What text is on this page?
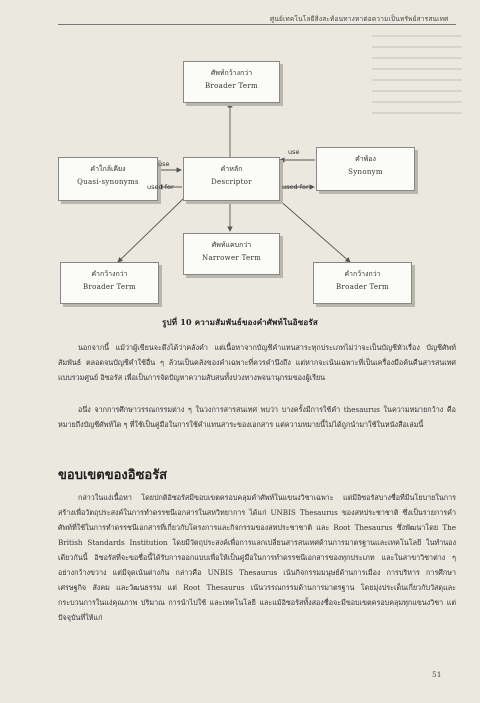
ศูนย์เทคโนโลยีสิ่งสะท้อนทางหาต่อความเป็นทรัพย์สารสนเทศ
ศัพท์กว้างกว่า
Broader Term
คำใกล้เคียง
Quasi-synonyms
คำหลัก
Descriptor
คำพ้อง
Synonym
ศัพท์แคบกว่า
Narrower Term
คำกว้างกว่า
Broader Term
คำกว้างกว่า
Broader Term
use
used for
use
used for
รูปที่ 10 ความสัมพันธ์ของคำศัพท์ในอิซอรัส
นอกจากนี้ แม้ว่าผู้เขียนจะดึงได้ว่าคลังคำ แต่เนื้อหาจากบัญชีคำแทนสาระทุกประเภทไม่ว่าจะเป็นบัญชีหัวเรื่อง บัญชีศัพท์สัมพันธ์ ตลอดจนบัญชีคำใช้อื่น ๆ ล้วนเป็นคลังของคำเฉพาะที่ควรคำนึงถึง แต่หากจะเน้นเฉพาะที่เป็นเครื่องมือค้นคืนสารสนเทศแบบรวมศูนย์ อิซอรัส เพื่อเป็นการจัดปัญหาความสับสนทั้งปวงทางพจนานุกรมของผู้เรียน
อนึ่ง จากการศึกษาวรรณกรรมต่าง ๆ ในวงการสารสนเทศ พบว่า บางครั้งมีการใช้คำ thesaurus ในความหมายกว้าง คือ หมายถึงบัญชีศัพท์ใด ๆ ที่ใช้เป็นคู่มือในการใช้คำแทนสาระของเอกสาร แต่ความหมายนี้ไม่ได้ถูกนำมาใช้ในหนังสือเล่มนี้
ขอบเขตของอิซอรัส
กล่าวในแง่เนื้อหา โดยปกติอิซอรัสมีขอบเขตครอบคลุมคำศัพท์ในแขนงวิชาเฉพาะ แต่มีอิซอรัสบางชื่อที่มีนโยบายในการสร้างเพื่อวัตถุประสงค์ในการทำดรรชนีเอกสารในสหวิทยาการ ได้แก่ UNBIS Thesaurus ของสหประชาชาติ ซึ่งเป็นรายการคำศัพท์ที่ใช้ในการทำดรรชนีเอกสารที่เกี่ยวกับโครงการและกิจกรรมของสหประชาชาติ และ Root Thesaurus ซึ่งพัฒนาโดย The British Standards Institution โดยมีวัตถุประสงค์เพื่อการแลกเปลี่ยนสารสนเทศด้านการมาตรฐานและเทคโนโลยี ในทำนองเดียวกันนี้ อิซอรัสที่จะขอชื่อนี้ได้รับการออกแบบเพื่อให้เป็นคู่มือในการทำดรรชนีเอกสารของทุกประเภท และในสาขาวิชาต่าง ๆ อย่างกว้างขวาง แต่มีจุดเน้นต่างกัน กล่าวคือ UNBIS Thesaurus เน้นกิจกรรมมนุษย์ด้านการเมือง การบริหาร การศึกษา เศรษฐกิจ สังคม และวัฒนธรรม แต่ Root Thesaurus เน้นวรรณกรรมด้านการมาตรฐาน โดยมุ่งประเด็นเกี่ยวกับวัสดุและกระบวนการในแง่คุณภาพ ปริมาณ การนำไปใช้ และเทคโนโลยี และแม้อิซอรัสทั้งสองชื่อจะมีขอบเขตครอบคลุมทุกแขนงวิชา แต่ปัจจุบันที่ให้แก่
51
